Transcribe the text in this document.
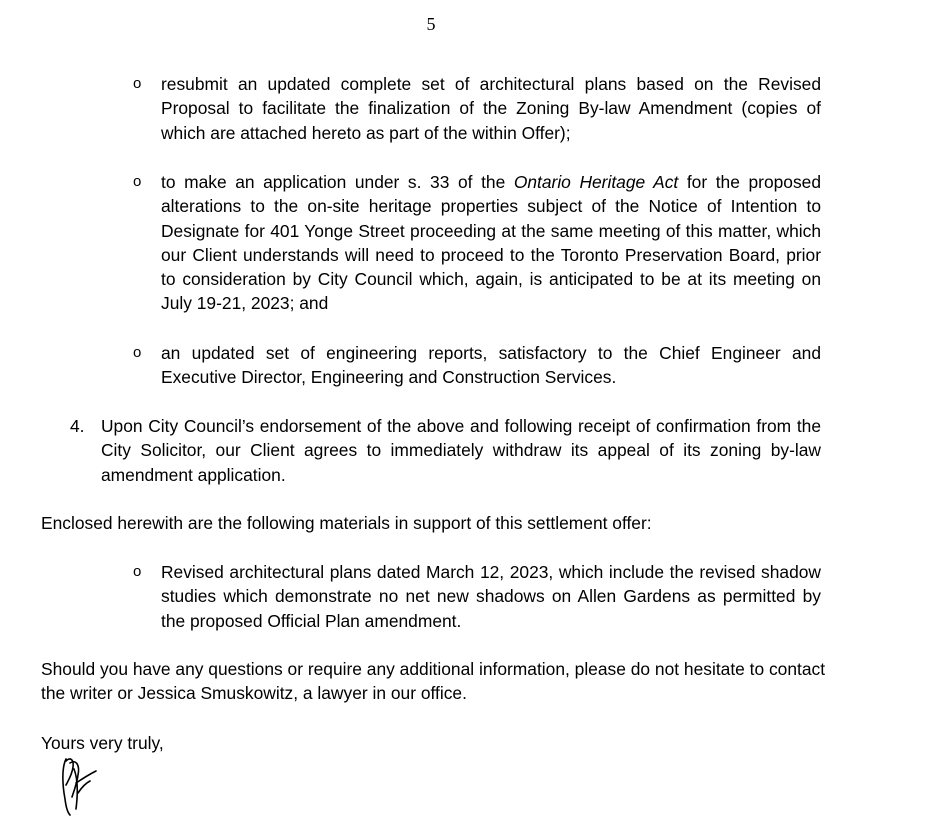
5
o resubmit an updated complete set of architectural plans based on the Revised Proposal to facilitate the finalization of the Zoning By-law Amendment (copies of which are attached hereto as part of the within Offer);

o to make an application under s. 33 of the Ontario Heritage Act for the proposed alterations to the on-site heritage properties subject of the Notice of Intention to Designate for 401 Yonge Street proceeding at the same meeting of this matter, which our Client understands will need to proceed to the Toronto Preservation Board, prior to consideration by City Council which, again, is anticipated to be at its meeting on July 19-21, 2023; and

o an updated set of engineering reports, satisfactory to the Chief Engineer and Executive Director, Engineering and Construction Services.

4. Upon City Council’s endorsement of the above and following receipt of confirmation from the City Solicitor, our Client agrees to immediately withdraw its appeal of its zoning by-law amendment application.

Enclosed herewith are the following materials in support of this settlement offer:

o Revised architectural plans dated March 12, 2023, which include the revised shadow studies which demonstrate no net new shadows on Allen Gardens as permitted by the proposed Official Plan amendment.

Should you have any questions or require any additional information, please do not hesitate to contact the writer or Jessica Smuskowitz, a lawyer in our office.

Yours very truly,
